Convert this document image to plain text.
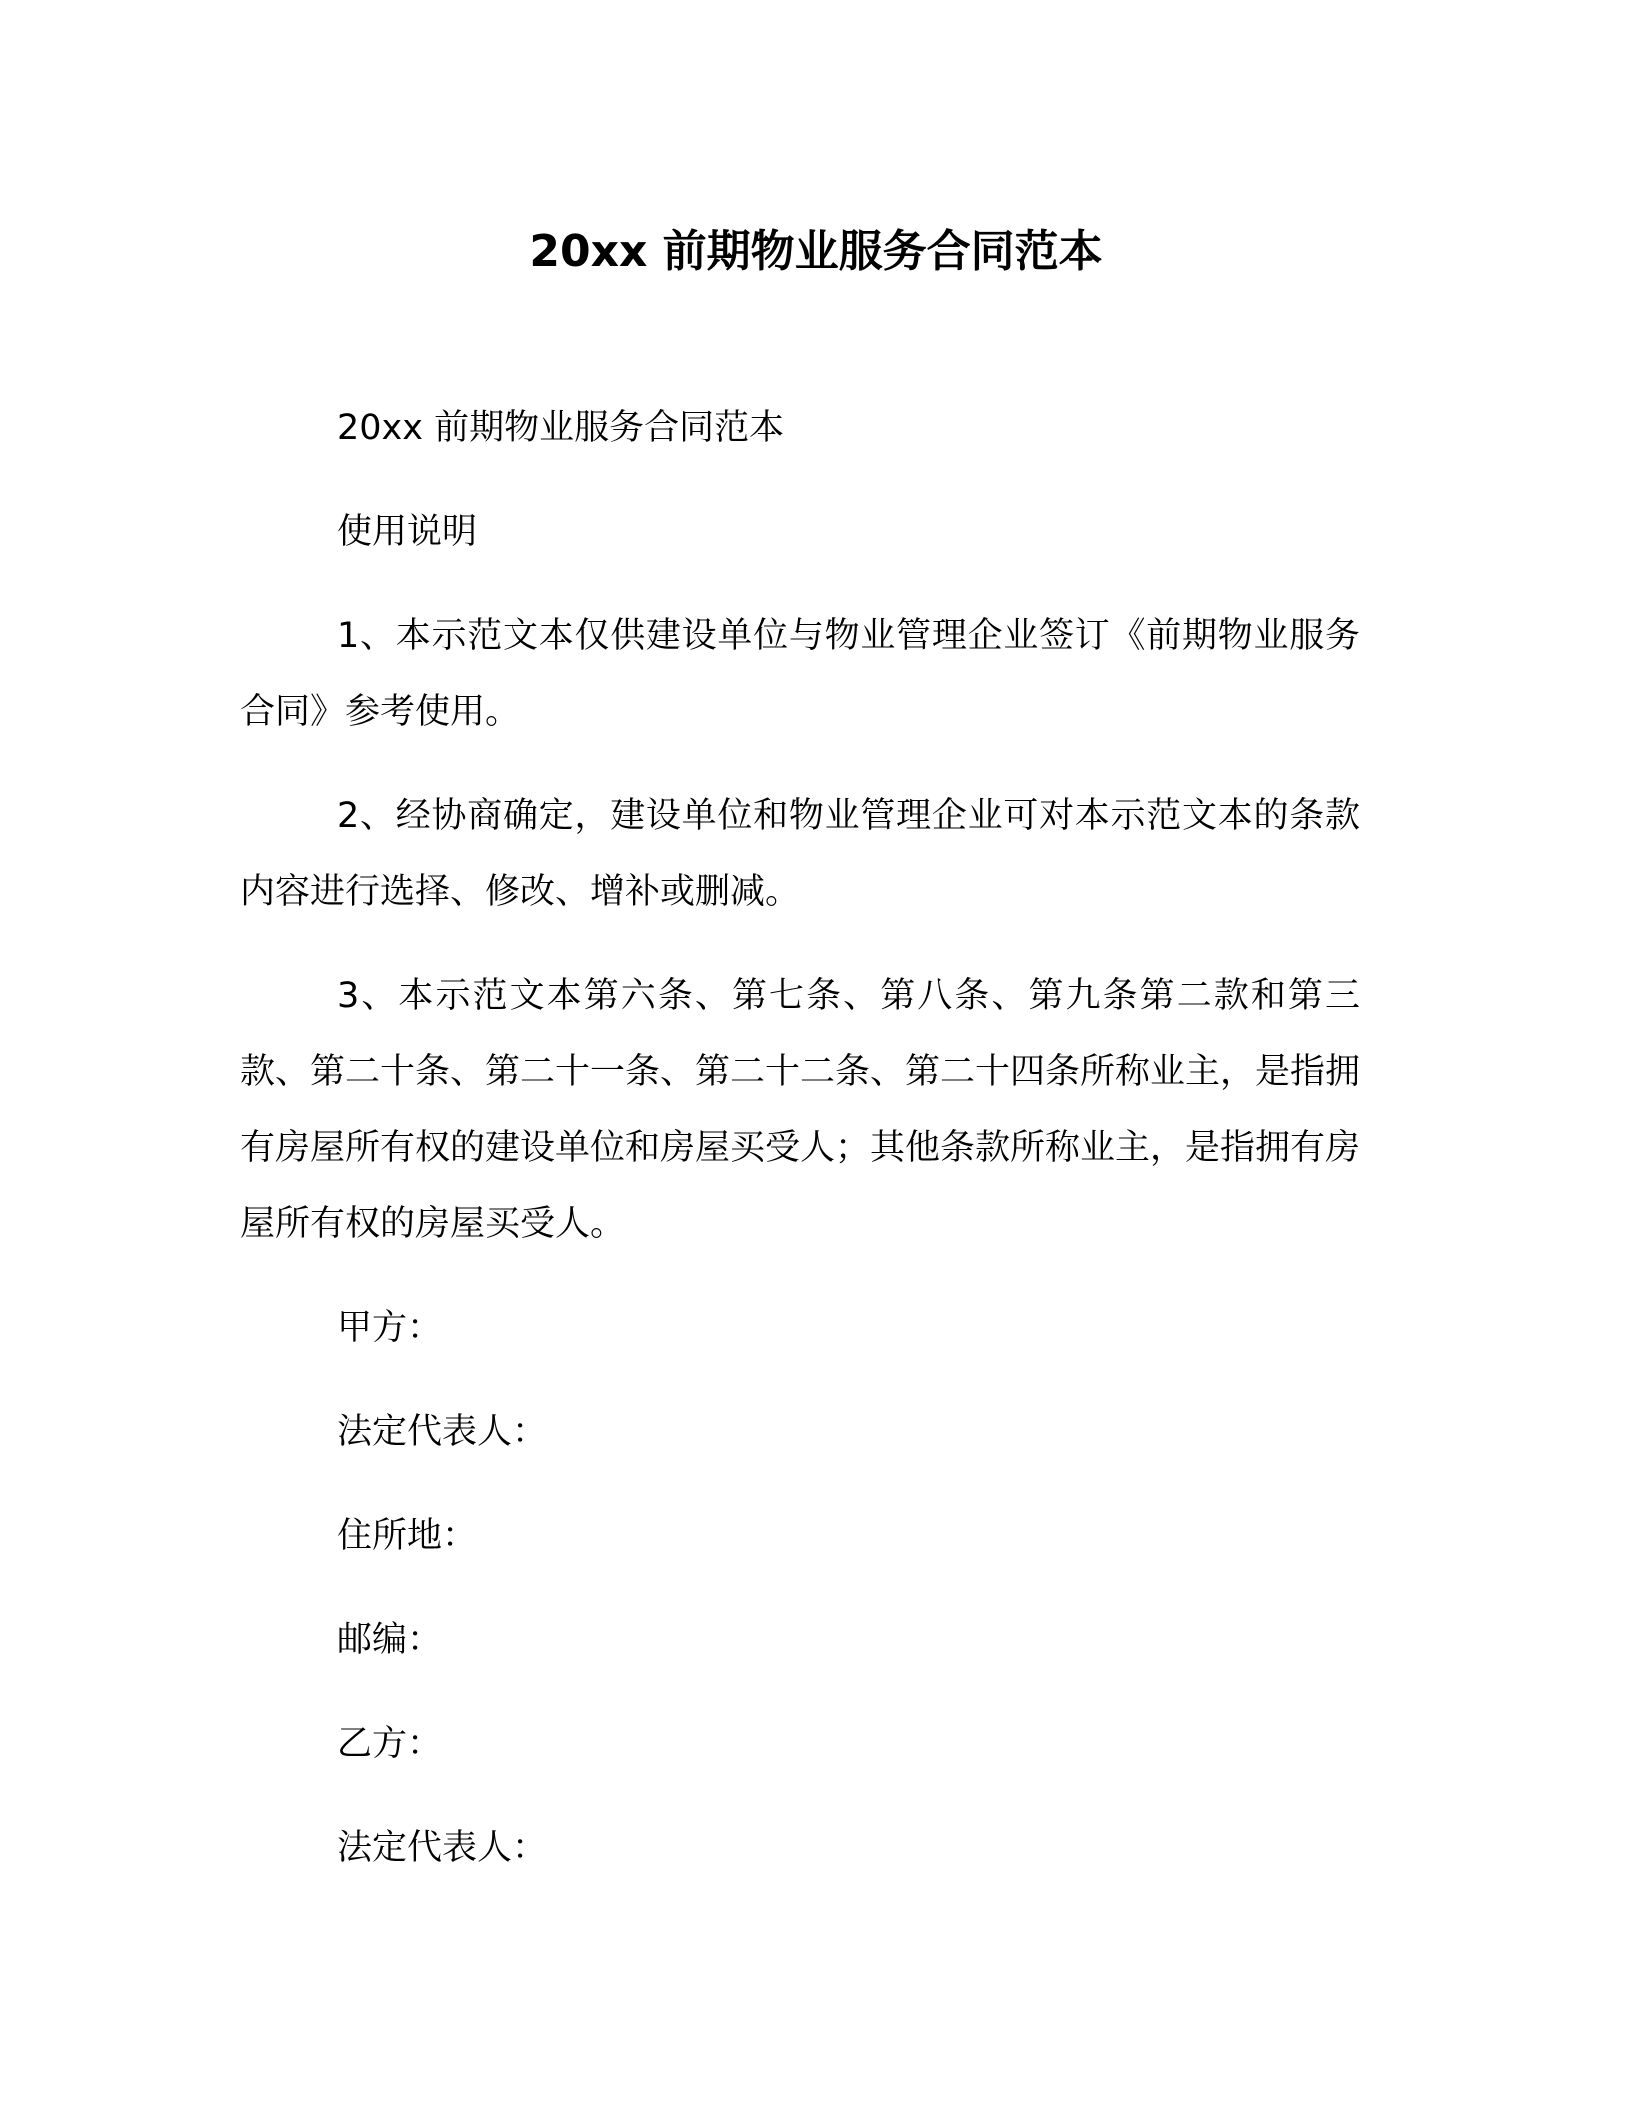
20xx 前期物业服务合同范本

20xx 前期物业服务合同范本

使用说明

1、本示范文本仅供建设单位与物业管理企业签订《前期物业服务合同》参考使用。

2、经协商确定，建设单位和物业管理企业可对本示范文本的条款内容进行选择、修改、增补或删减。

3、本示范文本第六条、第七条、第八条、第九条第二款和第三款、第二十条、第二十一条、第二十二条、第二十四条所称业主，是指拥有房屋所有权的建设单位和房屋买受人；其他条款所称业主，是指拥有房屋所有权的房屋买受人。

甲方：

法定代表人：

住所地：

邮编：

乙方：

法定代表人：
